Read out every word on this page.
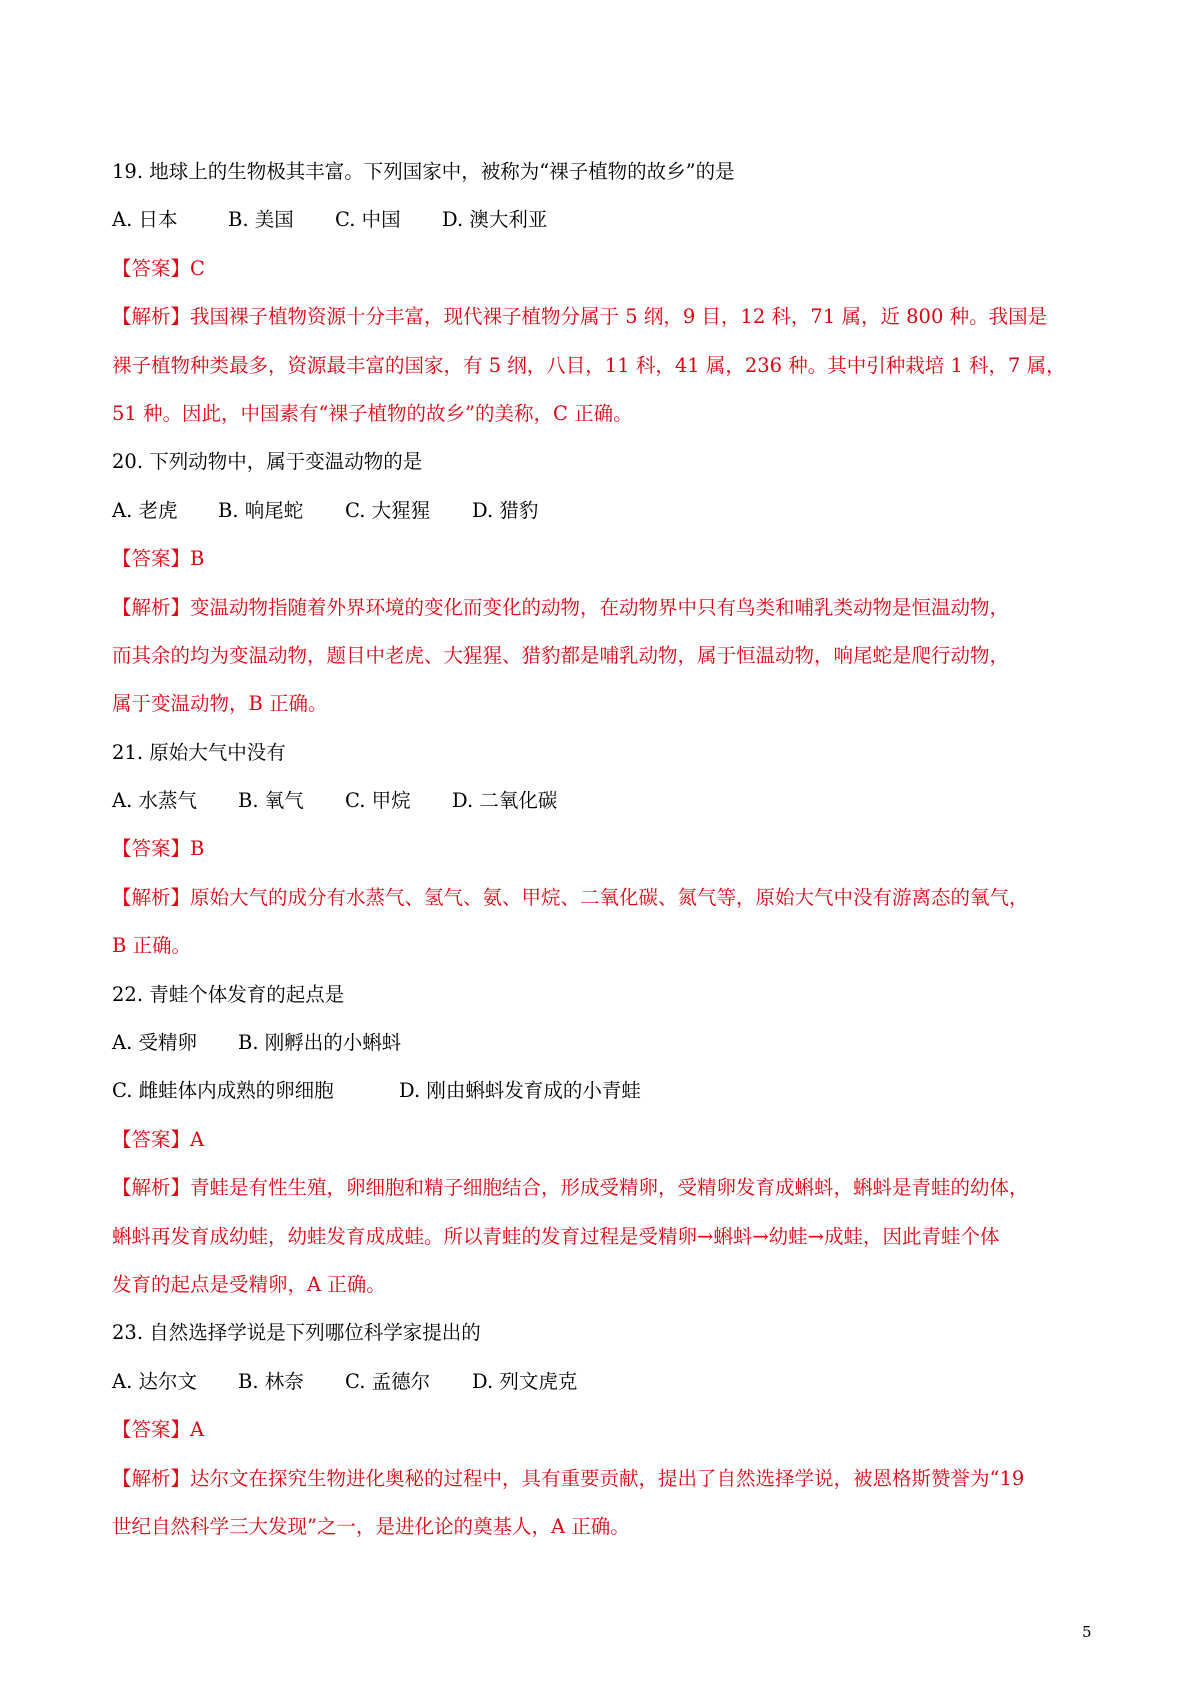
19. 地球上的生物极其丰富。下列国家中，被称为“裸子植物的故乡”的是
A. 日本	B. 美国 C. 中国 D. 澳大利亚
【答案】C
【解析】我国裸子植物资源十分丰富，现代裸子植物分属于 5 纲，9 目，12 科，71 属，近 800 种。我国是
裸子植物种类最多，资源最丰富的国家，有 5 纲，八目，11 科，41 属，236 种。其中引种栽培 1 科，7 属，
51 种。因此，中国素有“裸子植物的故乡”的美称，C 正确。
20. 下列动物中，属于变温动物的是
A. 老虎 B. 响尾蛇 C. 大猩猩 D. 猎豹
【答案】B
【解析】变温动物指随着外界环境的变化而变化的动物，在动物界中只有鸟类和哺乳类动物是恒温动物，
而其余的均为变温动物，题目中老虎、大猩猩、猎豹都是哺乳动物，属于恒温动物，响尾蛇是爬行动物，
属于变温动物，B 正确。
21. 原始大气中没有
A. 水蒸气 B. 氧气 C. 甲烷 D. 二氧化碳
【答案】B
【解析】原始大气的成分有水蒸气、氢气、氨、甲烷、二氧化碳、氮气等，原始大气中没有游离态的氧气，
B 正确。
22. 青蛙个体发育的起点是
A. 受精卵 B. 刚孵出的小蝌蚪
C. 雌蛙体内成熟的卵细胞	D. 刚由蝌蚪发育成的小青蛙
【答案】A
【解析】青蛙是有性生殖，卵细胞和精子细胞结合，形成受精卵，受精卵发育成蝌蚪，蝌蚪是青蛙的幼体，
蝌蚪再发育成幼蛙，幼蛙发育成成蛙。所以青蛙的发育过程是受精卵→蝌蚪→幼蛙→成蛙，因此青蛙个体
发育的起点是受精卵，A 正确。
23. 自然选择学说是下列哪位科学家提出的
A. 达尔文 B. 林奈 C. 孟德尔 D. 列文虎克
【答案】A
【解析】达尔文在探究生物进化奥秘的过程中，具有重要贡献，提出了自然选择学说，被恩格斯赞誉为“19
世纪自然科学三大发现”之一，是进化论的奠基人，A 正确。
5
